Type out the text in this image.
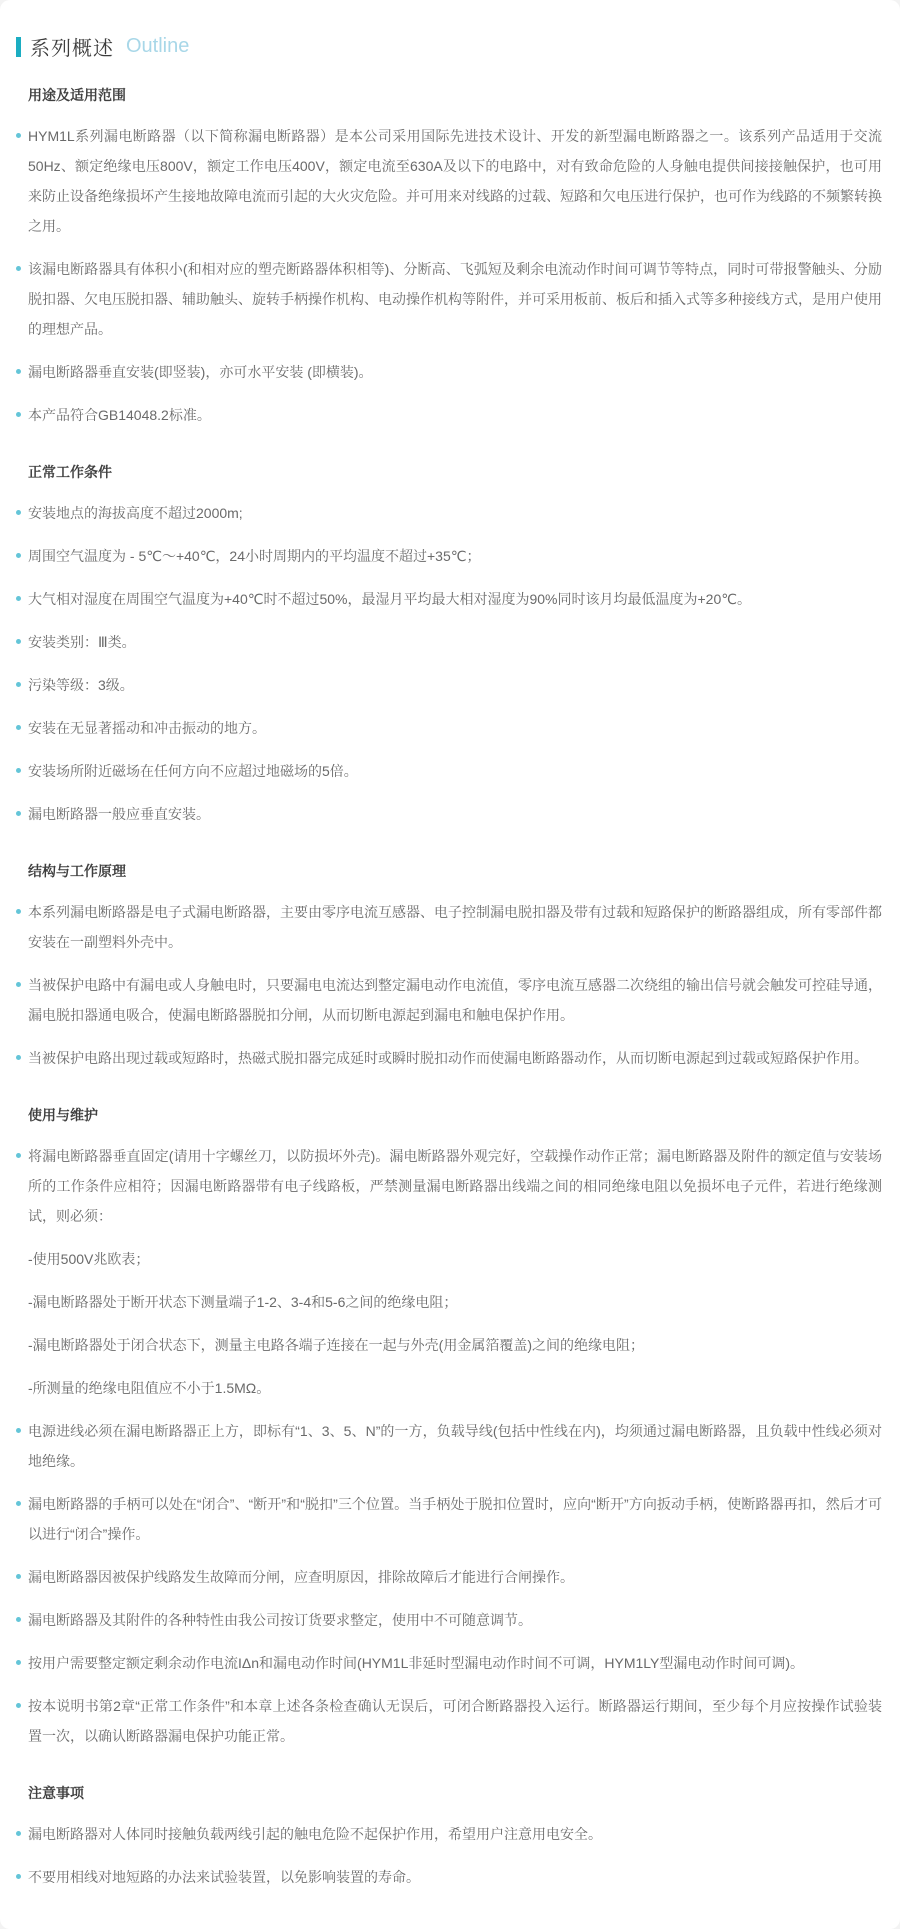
系列概述 Outline
用途及适用范围
HYM1L系列漏电断路器（以下简称漏电断路器）是本公司采用国际先进技术设计、开发的新型漏电断路器之一。该系列产品适用于交流50Hz、额定绝缘电压800V，额定工作电压400V，额定电流至630A及以下的电路中，对有致命危险的人身触电提供间接接触保护，也可用来防止设备绝缘损坏产生接地故障电流而引起的大火灾危险。并可用来对线路的过载、短路和欠电压进行保护，也可作为线路的不频繁转换之用。
该漏电断路器具有体积小(和相对应的塑壳断路器体积相等)、分断高、飞弧短及剩余电流动作时间可调节等特点，同时可带报警触头、分励脱扣器、欠电压脱扣器、辅助触头、旋转手柄操作机构、电动操作机构等附件，并可采用板前、板后和插入式等多种接线方式，是用户使用的理想产品。
漏电断路器垂直安装(即竖装)，亦可水平安装 (即横装)。
本产品符合GB14048.2标准。
正常工作条件
安装地点的海拔高度不超过2000m;
周围空气温度为 - 5℃～+40℃，24小时周期内的平均温度不超过+35℃；
大气相对湿度在周围空气温度为+40℃时不超过50%，最湿月平均最大相对湿度为90%同时该月均最低温度为+20℃。
安装类别：Ⅲ类。
污染等级：3级。
安装在无显著摇动和冲击振动的地方。
安装场所附近磁场在任何方向不应超过地磁场的5倍。
漏电断路器一般应垂直安装。
结构与工作原理
本系列漏电断路器是电子式漏电断路器，主要由零序电流互感器、电子控制漏电脱扣器及带有过载和短路保护的断路器组成，所有零部件都安装在一副塑料外壳中。
当被保护电路中有漏电或人身触电时，只要漏电电流达到整定漏电动作电流值，零序电流互感器二次绕组的输出信号就会触发可控硅导通，漏电脱扣器通电吸合，使漏电断路器脱扣分闸，从而切断电源起到漏电和触电保护作用。
当被保护电路出现过载或短路时，热磁式脱扣器完成延时或瞬时脱扣动作而使漏电断路器动作，从而切断电源起到过载或短路保护作用。
使用与维护
将漏电断路器垂直固定(请用十字螺丝刀，以防损坏外壳)。漏电断路器外观完好，空载操作动作正常；漏电断路器及附件的额定值与安装场所的工作条件应相符；因漏电断路器带有电子线路板，严禁测量漏电断路器出线端之间的相同绝缘电阻以免损坏电子元件，若进行绝缘测试，则必须：
-使用500V兆欧表；
-漏电断路器处于断开状态下测量端子1-2、3-4和5-6之间的绝缘电阻；
-漏电断路器处于闭合状态下，测量主电路各端子连接在一起与外壳(用金属箔覆盖)之间的绝缘电阻；
-所测量的绝缘电阻值应不小于1.5MΩ。
电源进线必须在漏电断路器正上方，即标有“1、3、5、N”的一方，负载导线(包括中性线在内)，均须通过漏电断路器，且负载中性线必须对地绝缘。
漏电断路器的手柄可以处在“闭合”、“断开”和“脱扣”三个位置。当手柄处于脱扣位置时，应向“断开”方向扳动手柄，使断路器再扣，然后才可以进行“闭合”操作。
漏电断路器因被保护线路发生故障而分闸，应查明原因，排除故障后才能进行合闸操作。
漏电断路器及其附件的各种特性由我公司按订货要求整定，使用中不可随意调节。
按用户需要整定额定剩余动作电流IΔn和漏电动作时间(HYM1L非延时型漏电动作时间不可调，HYM1LY型漏电动作时间可调)。
按本说明书第2章“正常工作条件”和本章上述各条检查确认无误后，可闭合断路器投入运行。断路器运行期间，至少每个月应按操作试验装置一次，以确认断路器漏电保护功能正常。
注意事项
漏电断路器对人体同时接触负载两线引起的触电危险不起保护作用，希望用户注意用电安全。
不要用相线对地短路的办法来试验装置，以免影响装置的寿命。
